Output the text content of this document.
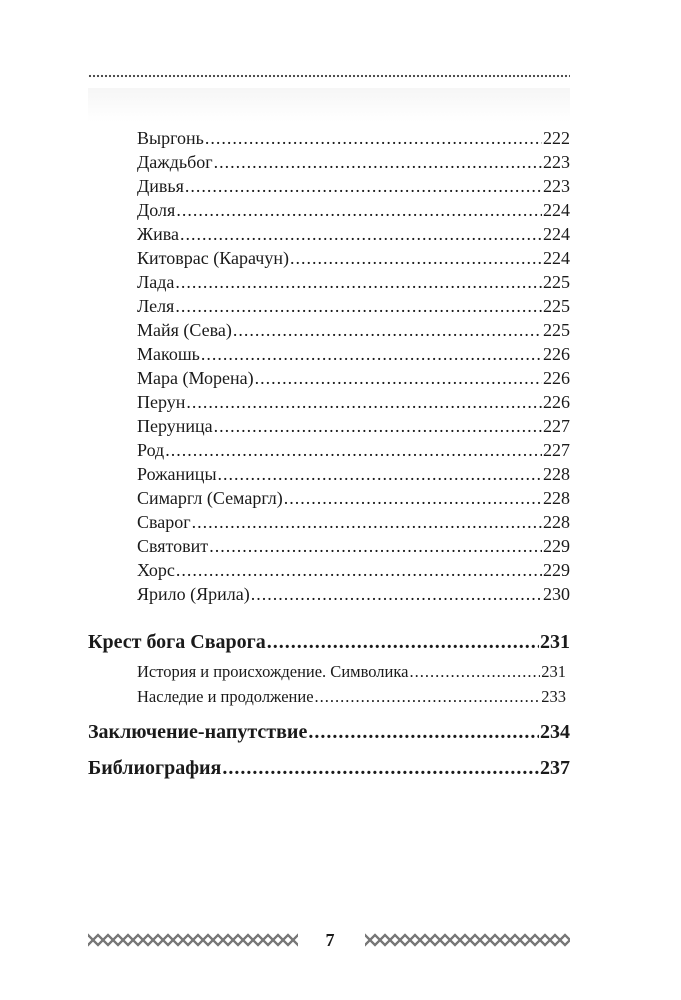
Выргонь .....	222
Даждьбог .....	223
Дивья .....	223
Доля .....	224
Жива .....	224
Китоврас (Карачун) .....	224
Лада .....	225
Леля .....	225
Майя (Сева) .....	225
Макошь .....	226
Мара (Морена) .....	226
Перун .....	226
Перуница .....	227
Род .....	227
Рожаницы .....	228
Симаргл (Семаргл) .....	228
Сварог .....	228
Святовит .....	229
Хорс .....	229
Ярило (Ярила) .....	230
Крест бога Сварога .....	231
История и происхождение. Символика .....	231
Наследие и продолжение .....	233
Заключение-напутствие .....	234
Библиография .....	237
7
